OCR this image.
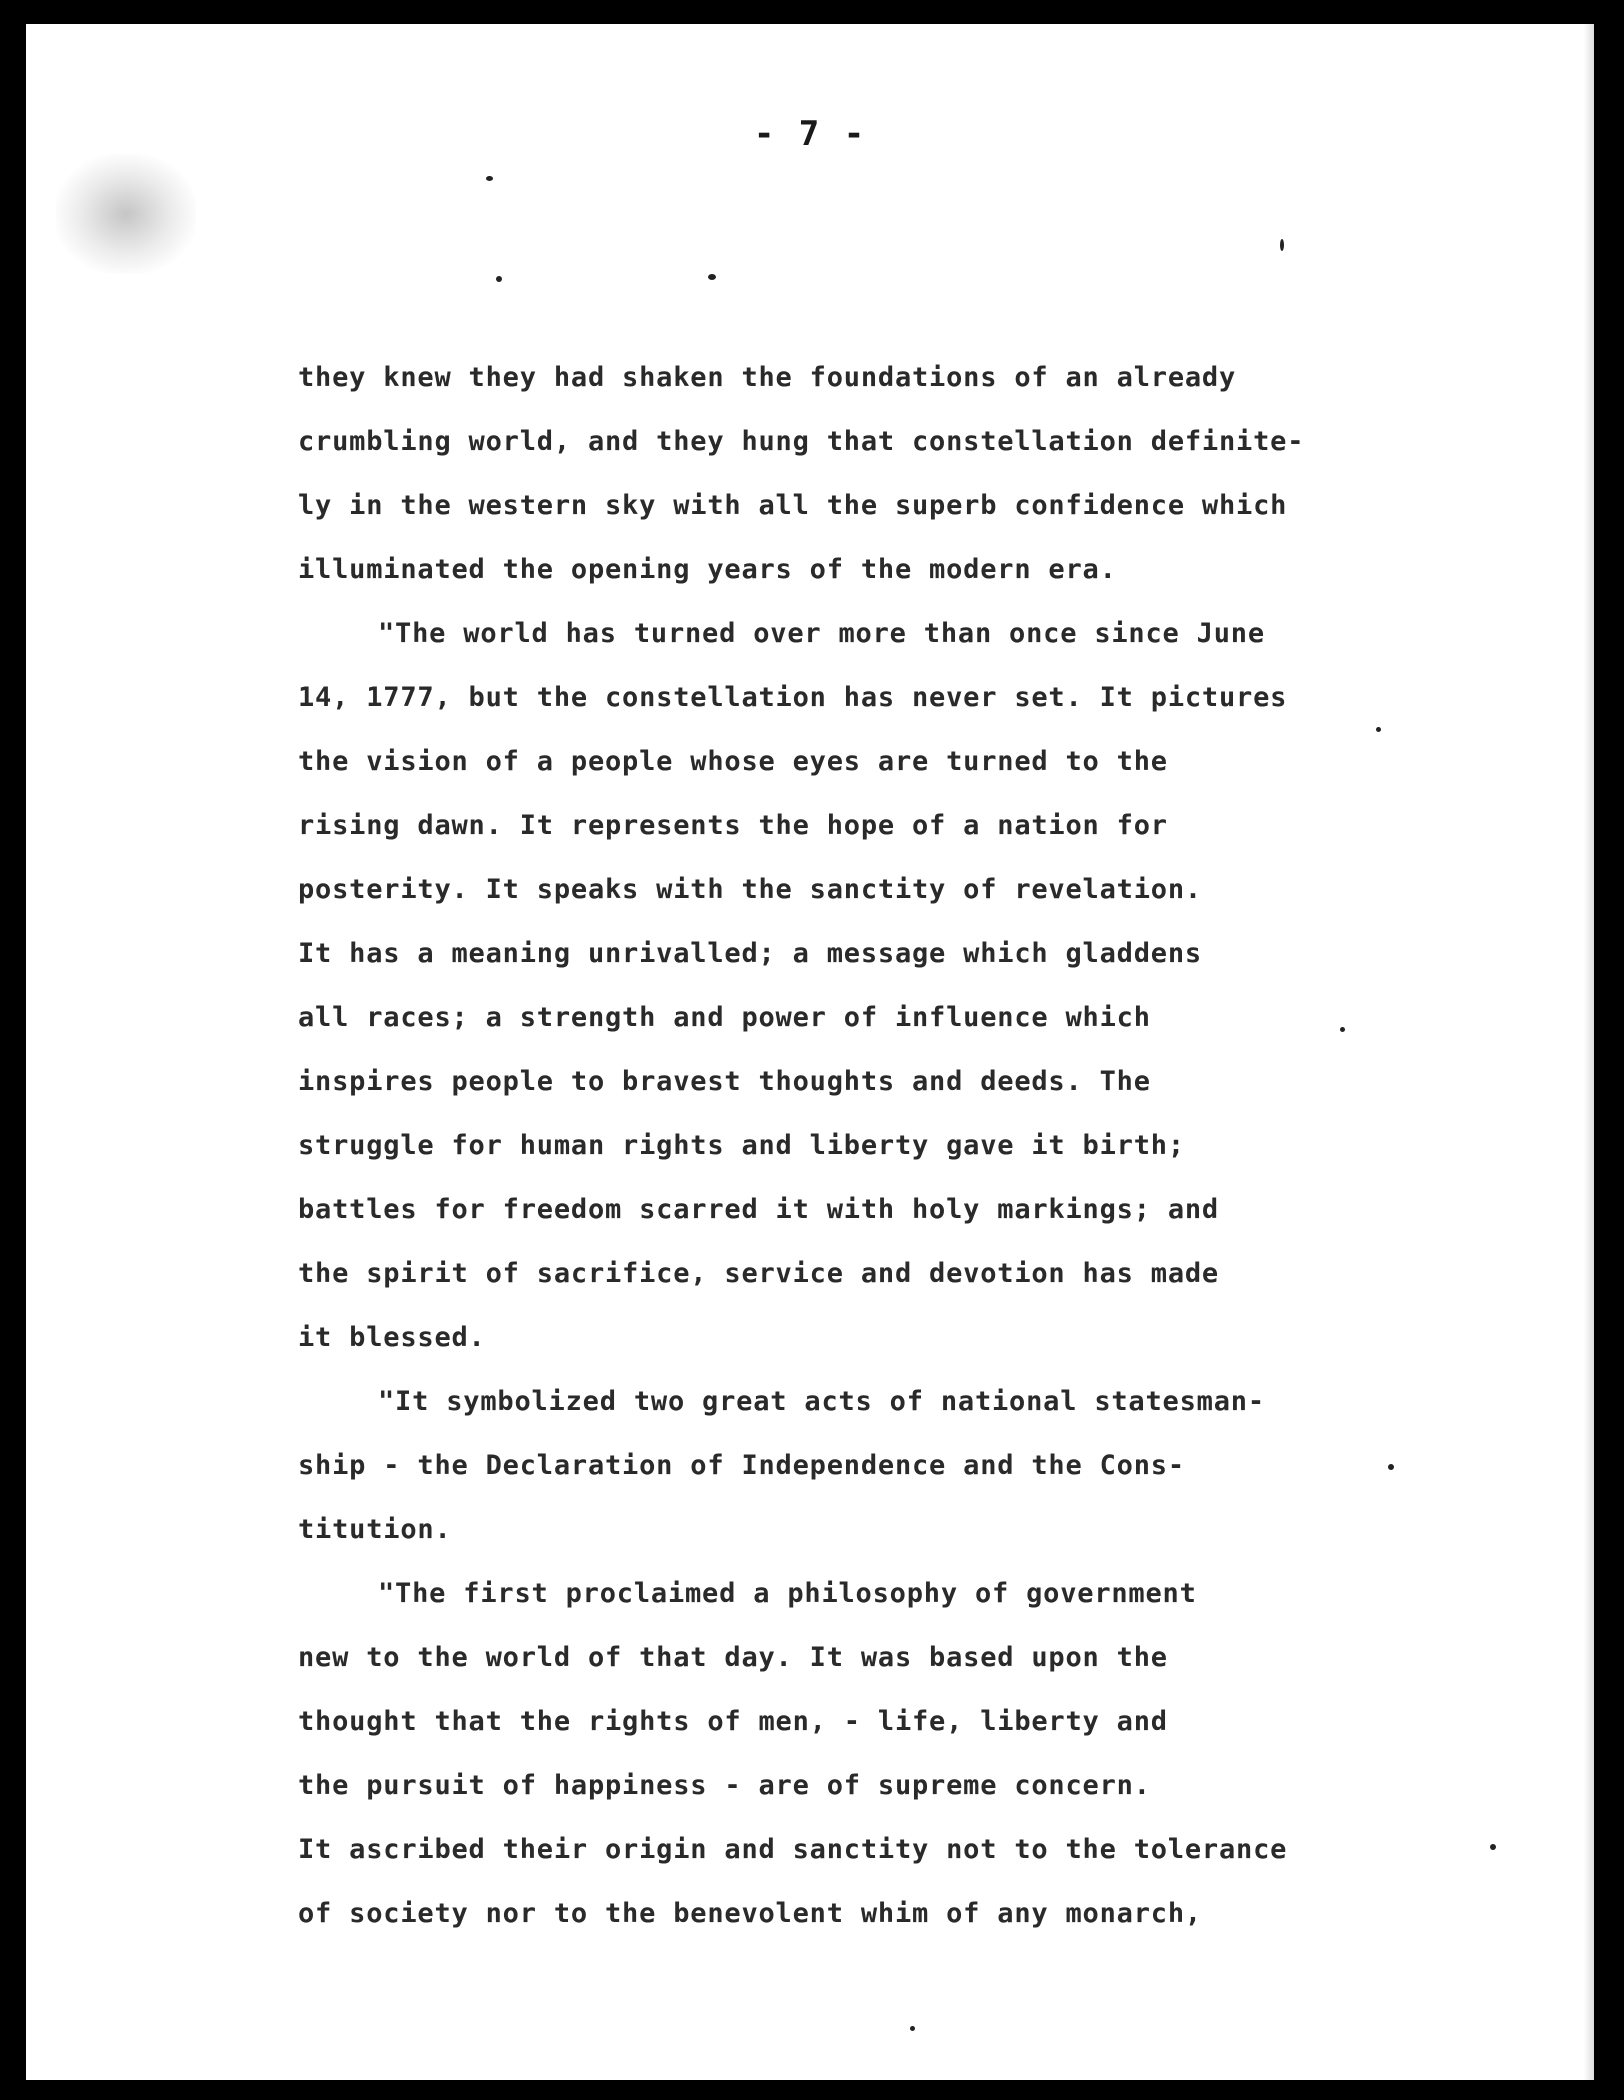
- 7 -
they knew they had shaken the foundations of an already
crumbling world, and they hung that constellation definite-
ly in the western sky with all the superb confidence which
illuminated the opening years of the modern era.
"The world has turned over more than once since June
14, 1777, but the constellation has never set. It pictures
the vision of a people whose eyes are turned to the
rising dawn. It represents the hope of a nation for
posterity. It speaks with the sanctity of revelation.
It has a meaning unrivalled; a message which gladdens
all races; a strength and power of influence which
inspires people to bravest thoughts and deeds. The
struggle for human rights and liberty gave it birth;
battles for freedom scarred it with holy markings; and
the spirit of sacrifice, service and devotion has made
it blessed.
"It symbolized two great acts of national statesman-
ship - the Declaration of Independence and the Cons-
titution.
"The first proclaimed a philosophy of government
new to the world of that day. It was based upon the
thought that the rights of men, - life, liberty and
the pursuit of happiness - are of supreme concern.
It ascribed their origin and sanctity not to the tolerance
of society nor to the benevolent whim of any monarch,
